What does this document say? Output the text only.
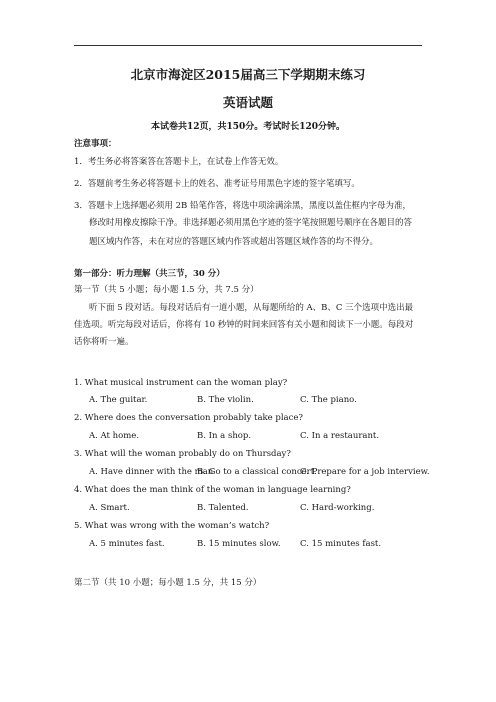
北京市海淀区2015届高三下学期期末练习
英语试题
本试卷共12页，共150分。考试时长120分钟。
注意事项：
1．考生务必将答案答在答题卡上，在试卷上作答无效。
2．答题前考生务必将答题卡上的姓名、准考证号用黑色字迹的签字笔填写。
3．答题卡上选择题必须用 2B 铅笔作答，将选中项涂满涂黑，黑度以盖住框内字母为准，
修改时用橡皮擦除干净。非选择题必须用黑色字迹的签字笔按照题号顺序在各题目的答
题区域内作答，未在对应的答题区域内作答或超出答题区域作答的均不得分。
第一部分：听力理解（共三节，30 分）
第一节（共 5 小题；每小题 1.5 分，共 7.5 分）
听下面 5 段对话。每段对话后有一道小题，从每题所给的 A、B、C 三个选项中选出最
佳选项。听完每段对话后，你将有 10 秒钟的时间来回答有关小题和阅读下一小题。每段对
话你将听一遍。
1. What musical instrument can the woman play?
A. The guitar.	B. The violin.	C. The piano.
2. Where does the conversation probably take place?
A. At home.	B. In a shop.	C. In a restaurant.
3. What will the woman probably do on Thursday?
A. Have dinner with the man
B. Go to a classical concert.
C. Prepare for a job interview.
4. What does the man think of the woman in language learning?
A. Smart.	B. Talented.	C. Hard-working.
5. What was wrong with the woman’s watch?
A. 5 minutes fast.	B. 15 minutes slow. C. 15 minutes fast.
第二节（共 10 小题；每小题 1.5 分，共 15 分）
